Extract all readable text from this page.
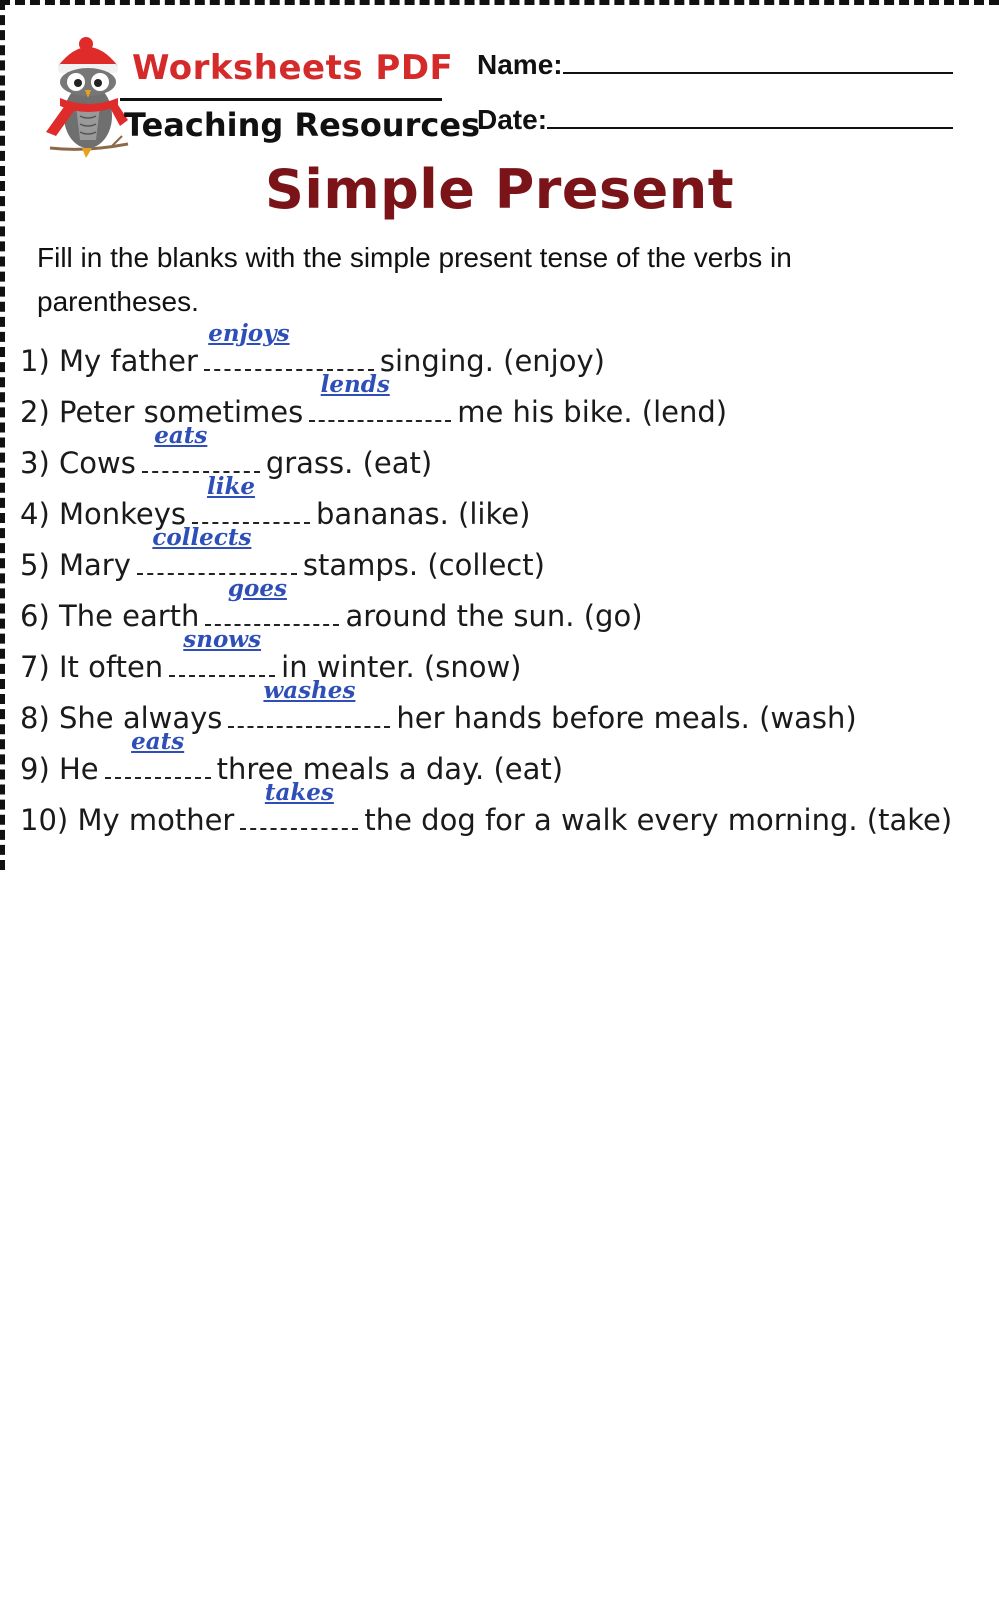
Worksheets PDF
Teaching Resources
Name:
Date:
Simple Present
Fill in the blanks with the simple present tense of the verbs in parentheses.
1) My father
enjoys
singing. (enjoy)
2) Peter sometimes
lends
me his bike. (lend)
3) Cows
eats
grass. (eat)
4) Monkeys
like
bananas. (like)
5) Mary
collects
stamps. (collect)
6) The earth
goes
around the sun. (go)
7) It often
snows
in winter. (snow)
8) She always
washes
her hands before meals. (wash)
9) He
eats
three meals a day. (eat)
10) My mother
takes
the dog for a walk every morning. (take)
